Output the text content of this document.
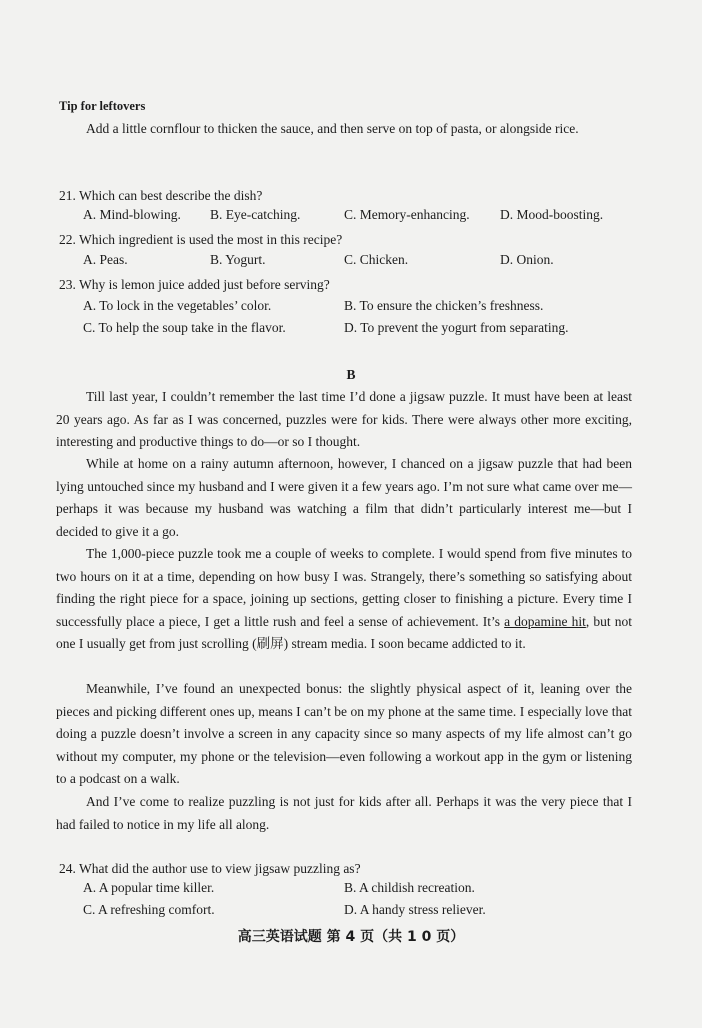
Tip for leftovers

Add a little cornflour to thicken the sauce, and then serve on top of pasta, or alongside rice.

21. Which can best describe the dish?
A. Mind-blowing. B. Eye-catching.	C. Memory-enhancing. D. Mood-boosting.
22. Which ingredient is used the most in this recipe?
A. Peas.	B. Yogurt.	C. Chicken.	D. Onion.
23. Why is lemon juice added just before serving?
A. To lock in the vegetables’ color.	B. To ensure the chicken’s freshness.
C. To help the soup take in the flavor.	D. To prevent the yogurt from separating.
B

Till last year, I couldn’t remember the last time I’d done a jigsaw puzzle. It must have been at least 20 years ago. As far as I was concerned, puzzles were for kids. There were always other more exciting, interesting and productive things to do—or so I thought.

While at home on a rainy autumn afternoon, however, I chanced on a jigsaw puzzle that had been lying untouched since my husband and I were given it a few years ago. I’m not sure what came over me—perhaps it was because my husband was watching a film that didn’t particularly interest me—but I decided to give it a go.

The 1,000-piece puzzle took me a couple of weeks to complete. I would spend from five minutes to two hours on it at a time, depending on how busy I was. Strangely, there’s something so satisfying about finding the right piece for a space, joining up sections, getting closer to finishing a picture. Every time I successfully place a piece, I get a little rush and feel a sense of achievement. It’s a dopamine hit, but not one I usually get from just scrolling (刷屏) stream media. I soon became addicted to it.

Meanwhile, I’ve found an unexpected bonus: the slightly physical aspect of it, leaning over the pieces and picking different ones up, means I can’t be on my phone at the same time. I especially love that doing a puzzle doesn’t involve a screen in any capacity since so many aspects of my life almost can’t go without my computer, my phone or the television—even following a workout app in the gym or listening to a podcast on a walk.

And I’ve come to realize puzzling is not just for kids after all. Perhaps it was the very piece that I had failed to notice in my life all along.

24. What did the author use to view jigsaw puzzling as?
A. A popular time killer.	B. A childish recreation.
C. A refreshing comfort.	D. A handy stress reliever.
高三英语试题 第 4 页（共 1 0 页）
